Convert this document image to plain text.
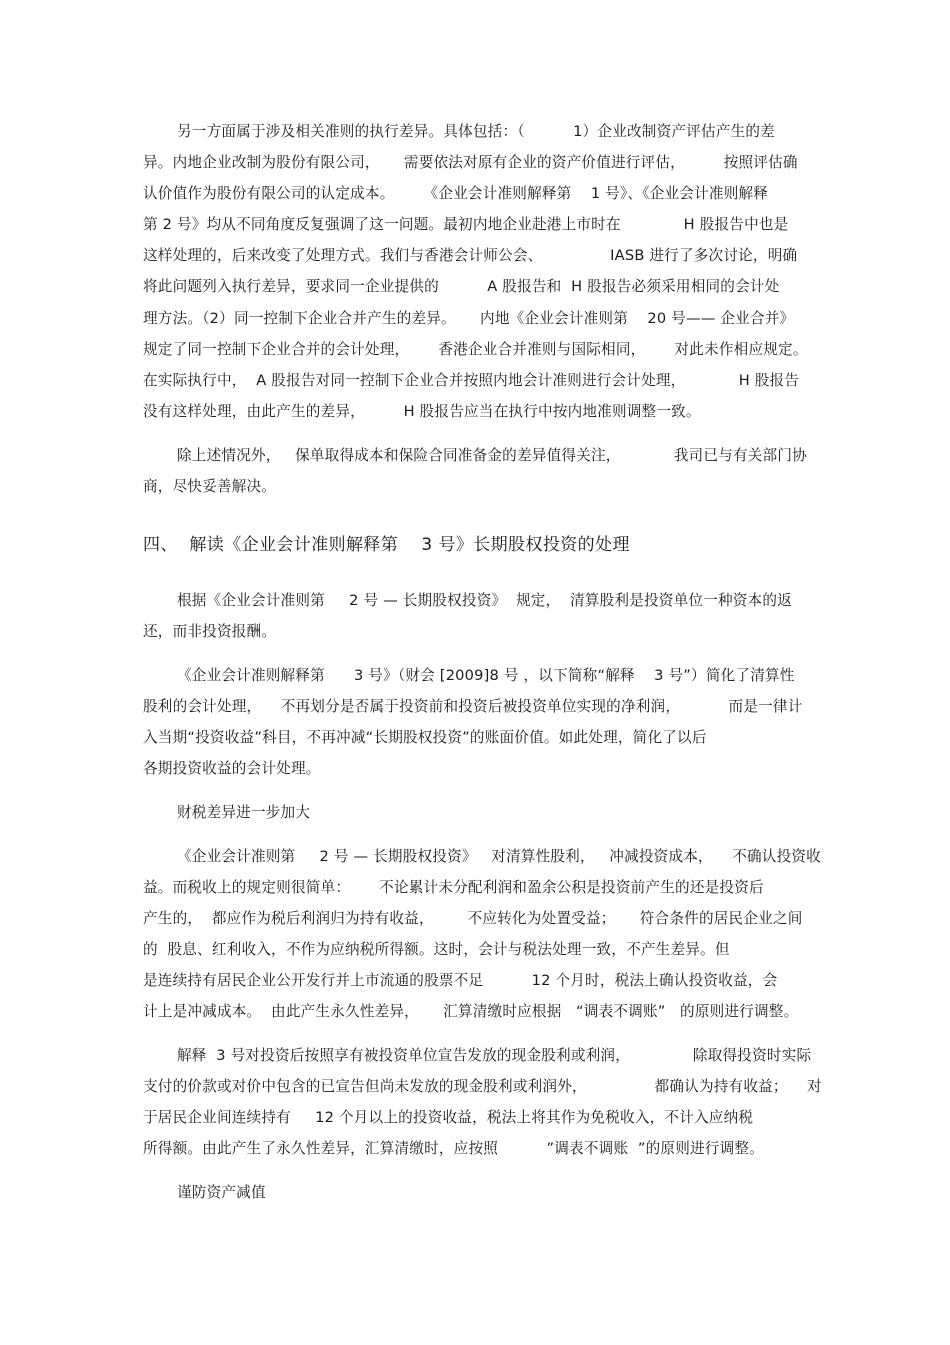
另一方面属于涉及相关准则的执行差异。具体包括：（          1）企业改制资产评估产生的差
异。内地企业改制为股份有限公司，     需要依法对原有企业的资产价值进行评估，        按照评估确
认价值作为股份有限公司的认定成本。      《企业会计准则解释第    1 号》、《企业会计准则解释
第 2 号》均从不同角度反复强调了这一问题。最初内地企业赴港上市时在             H 股报告中也是
这样处理的，后来改变了处理方式。我们与香港会计师公会、              IASB 进行了多次讨论，明确
将此问题列入执行差异，要求同一企业提供的          A 股报告和  H 股报告必须采用相同的会计处
理方法。（2）同一控制下企业合并产生的差异。     内地《企业会计准则第    20 号—— 企业合并》
规定了同一控制下企业合并的会计处理，      香港企业合并准则与国际相同，      对此未作相应规定。
在实际执行中，  A 股报告对同一控制下企业合并按照内地会计准则进行会计处理，           H 股报告
没有这样处理，由此产生的差异，        H 股报告应当在执行中按内地准则调整一致。
除上述情况外，   保单取得成本和保险合同准备金的差异值得关注，           我司已与有关部门协
商，尽快妥善解决。
四、  解读《企业会计准则解释第    3 号》长期股权投资的处理
根据《企业会计准则第     2 号 — 长期股权投资》  规定，  清算股利是投资单位一种资本的返
还，而非投资报酬。
《企业会计准则解释第      3 号》（财会 [2009]8 号 ，以下简称“解释    3 号”）简化了清算性
股利的会计处理，    不再划分是否属于投资前和投资后被投资单位实现的净利润，          而是一律计
入当期“投资收益”科目，不再冲减“长期股权投资”的账面价值。如此处理，简化了以后
各期投资收益的会计处理。
财税差异进一步加大
《企业会计准则第     2 号 — 长期股权投资》   对清算性股利，   冲减投资成本，    不确认投资收
益。而税收上的规定则很简单：      不论累计未分配利润和盈余公积是投资前产生的还是投资后
产生的，  都应作为税后利润归为持有收益，       不应转化为处置受益；     符合条件的居民企业之间
的  股息、红利收入，不作为应纳税所得额。这时，会计与税法处理一致，不产生差异。但
是连续持有居民企业公开发行并上市流通的股票不足          12 个月时，税法上确认投资收益，会
计上是冲减成本。  由此产生永久性差异，     汇算清缴时应根据   “调表不调账”   的原则进行调整。
解释  3 号对投资后按照享有被投资单位宣告发放的现金股利或利润，             除取得投资时实际
支付的价款或对价中包含的已宣告但尚未发放的现金股利或利润外，              都确认为持有收益；    对
于居民企业间连续持有     12 个月以上的投资收益，税法上将其作为免税收入，不计入应纳税
所得额。由此产生了永久性差异，汇算清缴时，应按照          ”调表不调账  ”的原则进行调整。
谨防资产减值
